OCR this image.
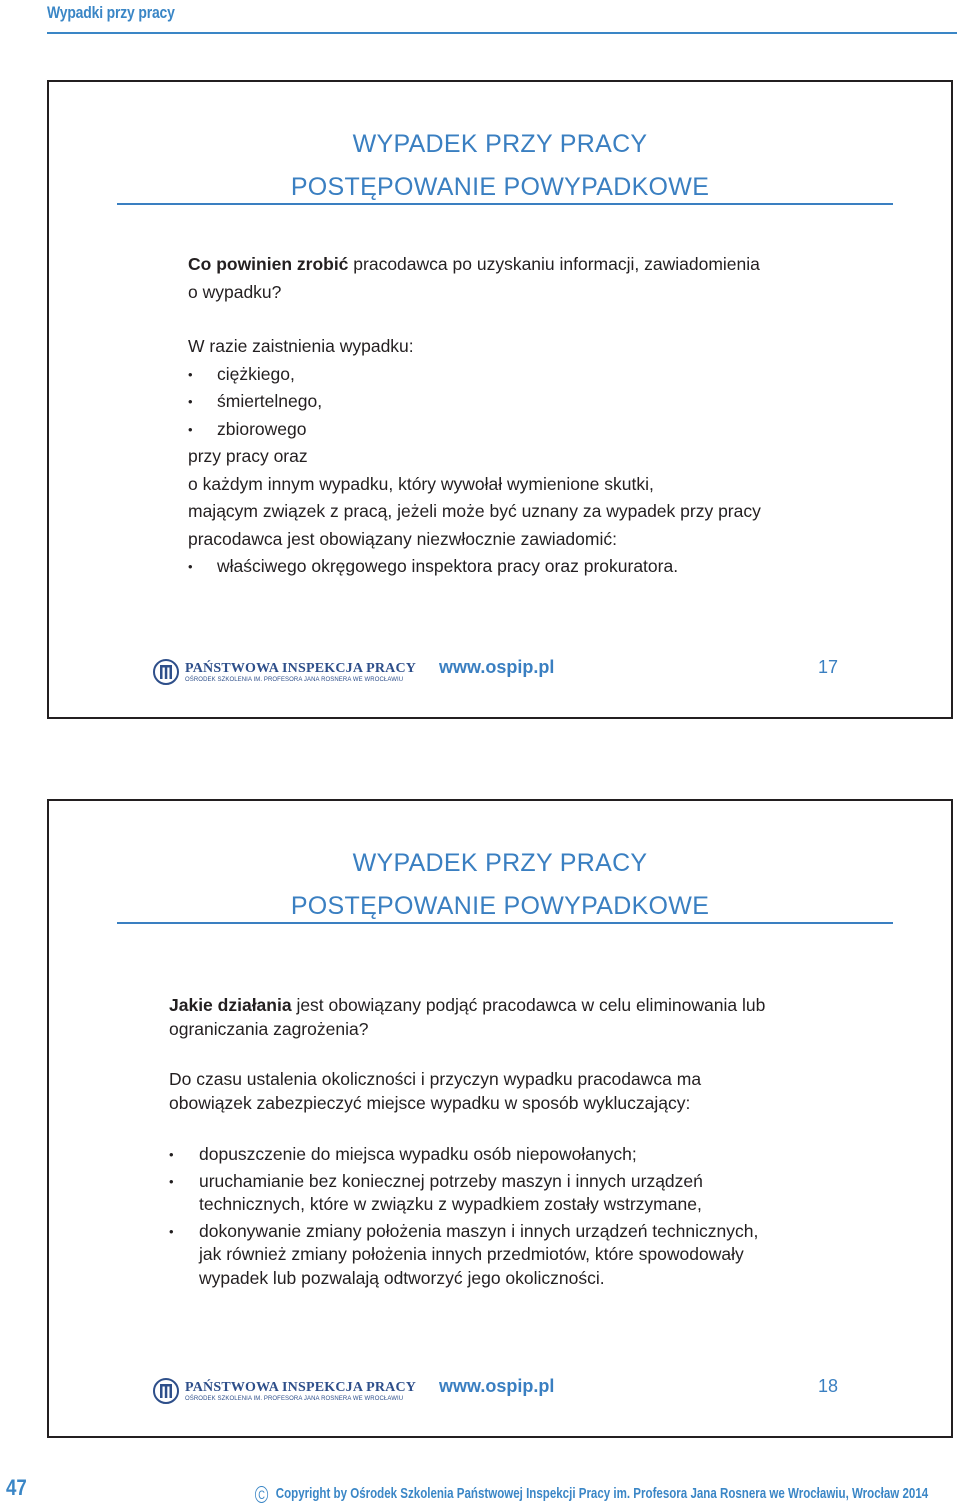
Wypadki przy pracy
WYPADEK PRZY PRACY
POSTĘPOWANIE POWYPADKOWE

Co powinien zrobić pracodawca po uzyskaniu informacji, zawiadomienia

o wypadku?

W razie zaistnienia wypadku:

• ciężkiego,
• śmiertelnego,
• zbiorowego

przy pracy oraz

o każdym innym wypadku, który wywołał wymienione skutki,

mającym związek z pracą, jeżeli może być uznany za wypadek przy pracy

pracodawca jest obowiązany niezwłocznie zawiadomić:

• właściwego okręgowego inspektora pracy oraz prokuratora.
PAŃSTWOWA INSPEKCJA PRACY
OŚRODEK SZKOLENIA IM. PROFESORA JANA ROSNERA WE WROCŁAWIU
www.ospip.pl	17
WYPADEK PRZY PRACY
POSTĘPOWANIE POWYPADKOWE

Jakie działania jest obowiązany podjąć pracodawca w celu eliminowania lub

ograniczania zagrożenia?

Do czasu ustalenia okoliczności i przyczyn wypadku pracodawca ma

obowiązek zabezpieczyć miejsce wypadku w sposób wykluczający:

• dopuszczenie do miejsca wypadku osób niepowołanych;
• uruchamianie bez koniecznej potrzeby maszyn i innych urządzeń
technicznych, które w związku z wypadkiem zostały wstrzymane,
• dokonywanie zmiany położenia maszyn i innych urządzeń technicznych,
jak również zmiany położenia innych przedmiotów, które spowodowały
wypadek lub pozwalają odtworzyć jego okoliczności.
PAŃSTWOWA INSPEKCJA PRACY
OŚRODEK SZKOLENIA IM. PROFESORA JANA ROSNERA WE WROCŁAWIU
www.ospip.pl	18
47	C Copyright by Ośrodek Szkolenia Państwowej Inspekcji Pracy im. Profesora Jana Rosnera we Wrocławiu, Wrocław 2014
